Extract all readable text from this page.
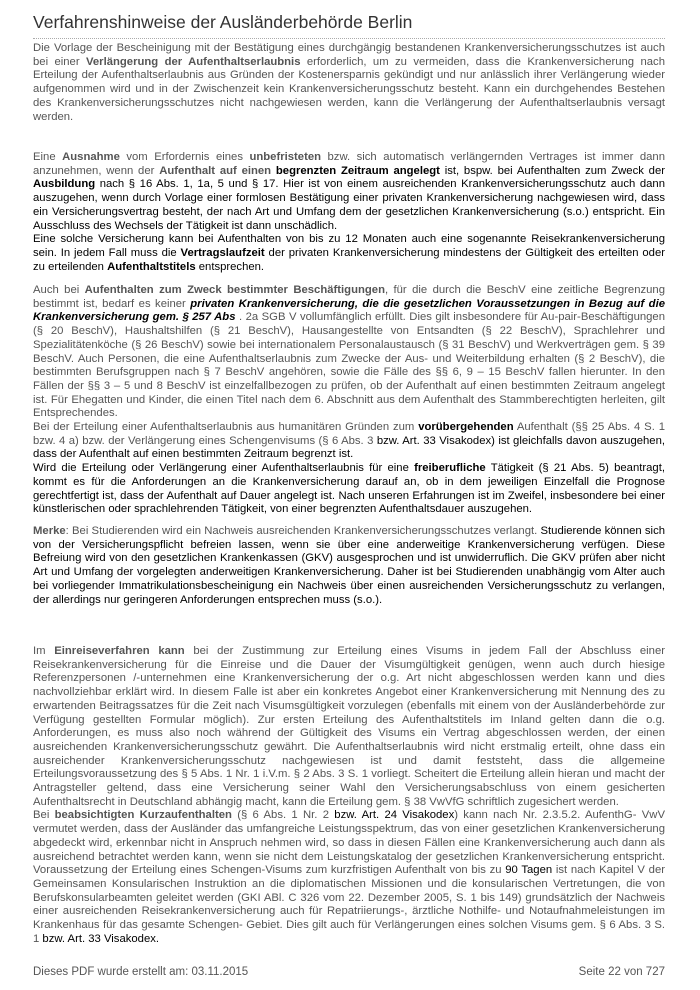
Verfahrenshinweise der Ausländerbehörde Berlin
Die Vorlage der Bescheinigung mit der Bestätigung eines durchgängig bestandenen Krankenversicherungsschutzes ist auch bei einer Verlängerung der Aufenthaltserlaubnis erforderlich, um zu vermeiden, dass die Krankenversicherung nach Erteilung der Aufenthaltserlaubnis aus Gründen der Kostenersparnis gekündigt und nur anlässlich ihrer Verlängerung wieder aufgenommen wird und in der Zwischenzeit kein Krankenversicherungsschutz besteht. Kann ein durchgehendes Bestehen des Krankenversicherungsschutzes nicht nachgewiesen werden, kann die Verlängerung der Aufenthaltserlaubnis versagt werden.
Eine Ausnahme vom Erfordernis eines unbefristeten bzw. sich automatisch verlängernden Vertrages ist immer dann anzunehmen, wenn der Aufenthalt auf einen begrenzten Zeitraum angelegt ist, bspw. bei Aufenthalten zum Zweck der Ausbildung nach § 16 Abs. 1, 1a, 5 und § 17. Hier ist von einem ausreichenden Krankenversicherungsschutz auch dann auszugehen, wenn durch Vorlage einer formlosen Bestätigung einer privaten Krankenversicherung nachgewiesen wird, dass ein Versicherungsvertrag besteht, der nach Art und Umfang dem der gesetzlichen Krankenversicherung (s.o.) entspricht. Ein Ausschluss des Wechsels der Tätigkeit ist dann unschädlich.
Eine solche Versicherung kann bei Aufenthalten von bis zu 12 Monaten auch eine sogenannte Reisekrankenversicherung sein. In jedem Fall muss die Vertragslaufzeit der privaten Krankenversicherung mindestens der Gültigkeit des erteilten oder zu erteilenden Aufenthaltstitels entsprechen.
Auch bei Aufenthalten zum Zweck bestimmter Beschäftigungen, für die durch die BeschV eine zeitliche Begrenzung bestimmt ist, bedarf es keiner privaten Krankenversicherung, die die gesetzlichen Voraussetzungen in Bezug auf die Krankenversicherung gem. § 257 Abs . 2a SGB V vollumfänglich erfüllt. Dies gilt insbesondere für Au-pair-Beschäftigungen (§ 20 BeschV), Haushaltshilfen (§ 21 BeschV), Hausangestellte von Entsandten (§ 22 BeschV), Sprachlehrer und Spezialitätenköche (§ 26 BeschV) sowie bei internationalem Personalaustausch (§ 31 BeschV) und Werkverträgen gem. § 39 BeschV. Auch Personen, die eine Aufenthaltserlaubnis zum Zwecke der Aus- und Weiterbildung erhalten (§ 2 BeschV), die bestimmten Berufsgruppen nach § 7 BeschV angehören, sowie die Fälle des §§ 6, 9 – 15 BeschV fallen hierunter. In den Fällen der §§ 3 – 5 und 8 BeschV ist einzelfallbezogen zu prüfen, ob der Aufenthalt auf einen bestimmten Zeitraum angelegt ist. Für Ehegatten und Kinder, die einen Titel nach dem 6. Abschnitt aus dem Aufenthalt des Stammberechtigten herleiten, gilt Entsprechendes.
Bei der Erteilung einer Aufenthaltserlaubnis aus humanitären Gründen zum vorübergehenden Aufenthalt (§§ 25 Abs. 4 S. 1 bzw. 4 a) bzw. der Verlängerung eines Schengenvisums (§ 6 Abs. 3 bzw. Art. 33 Visakodex) ist gleichfalls davon auszugehen, dass der Aufenthalt auf einen bestimmten Zeitraum begrenzt ist.
Wird die Erteilung oder Verlängerung einer Aufenthaltserlaubnis für eine freiberufliche Tätigkeit (§ 21 Abs. 5) beantragt, kommt es für die Anforderungen an die Krankenversicherung darauf an, ob in dem jeweiligen Einzelfall die Prognose gerechtfertigt ist, dass der Aufenthalt auf Dauer angelegt ist. Nach unseren Erfahrungen ist im Zweifel, insbesondere bei einer künstlerischen oder sprachlehrenden Tätigkeit, von einer begrenzten Aufenthaltsdauer auszugehen.
Merke: Bei Studierenden wird ein Nachweis ausreichenden Krankenversicherungsschutzes verlangt. Studierende können sich von der Versicherungspflicht befreien lassen, wenn sie über eine anderweitige Krankenversicherung verfügen. Diese Befreiung wird von den gesetzlichen Krankenkassen (GKV) ausgesprochen und ist unwiderruflich. Die GKV prüfen aber nicht Art und Umfang der vorgelegten anderweitigen Krankenversicherung. Daher ist bei Studierenden unabhängig vom Alter auch bei vorliegender Immatrikulationsbescheinigung ein Nachweis über einen ausreichenden Versicherungsschutz zu verlangen, der allerdings nur geringeren Anforderungen entsprechen muss (s.o.).
Im Einreiseverfahren kann bei der Zustimmung zur Erteilung eines Visums in jedem Fall der Abschluss einer Reisekrankenversicherung für die Einreise und die Dauer der Visumgültigkeit genügen, wenn auch durch hiesige Referenzpersonen /-unternehmen eine Krankenversicherung der o.g. Art nicht abgeschlossen werden kann und dies nachvollziehbar erklärt wird. In diesem Falle ist aber ein konkretes Angebot einer Krankenversicherung mit Nennung des zu erwartenden Beitragssatzes für die Zeit nach Visumsgültigkeit vorzulegen (ebenfalls mit einem von der Ausländerbehörde zur Verfügung gestellten Formular möglich). Zur ersten Erteilung des Aufenthaltstitels im Inland gelten dann die o.g. Anforderungen, es muss also noch während der Gültigkeit des Visums ein Vertrag abgeschlossen werden, der einen ausreichenden Krankenversicherungsschutz gewährt. Die Aufenthaltserlaubnis wird nicht erstmalig erteilt, ohne dass ein ausreichender Krankenversicherungsschutz nachgewiesen ist und damit feststeht, dass die allgemeine Erteilungsvoraussetzung des § 5 Abs. 1 Nr. 1 i.V.m. § 2 Abs. 3 S. 1 vorliegt. Scheitert die Erteilung allein hieran und macht der Antragsteller geltend, dass eine Versicherung seiner Wahl den Versicherungsabschluss von einem gesicherten Aufenthaltsrecht in Deutschland abhängig macht, kann die Erteilung gem. § 38 VwVfG schriftlich zugesichert werden.
Bei beabsichtigten Kurzaufenthalten (§ 6 Abs. 1 Nr. 2 bzw. Art. 24 Visakodex) kann nach Nr. 2.3.5.2. AufenthG- VwV vermutet werden, dass der Ausländer das umfangreiche Leistungsspektrum, das von einer gesetzlichen Krankenversicherung abgedeckt wird, erkennbar nicht in Anspruch nehmen wird, so dass in diesen Fällen eine Krankenversicherung auch dann als ausreichend betrachtet werden kann, wenn sie nicht dem Leistungskatalog der gesetzlichen Krankenversicherung entspricht. Voraussetzung der Erteilung eines Schengen-Visums zum kurzfristigen Aufenthalt von bis zu 90 Tagen ist nach Kapitel V der Gemeinsamen Konsularischen Instruktion an die diplomatischen Missionen und die konsularischen Vertretungen, die von Berufskonsularbeamten geleitet werden (GKI ABl. C 326 vom 22. Dezember 2005, S. 1 bis 149) grundsätzlich der Nachweis einer ausreichenden Reisekrankenversicherung auch für Repatriierungs-, ärztliche Nothilfe- und Notaufnahmeleistungen im Krankenhaus für das gesamte Schengen- Gebiet. Dies gilt auch für Verlängerungen eines solchen Visums gem. § 6 Abs. 3 S. 1 bzw. Art. 33 Visakodex.
Dieses PDF wurde erstellt am: 03.11.2015	Seite 22 von 727
